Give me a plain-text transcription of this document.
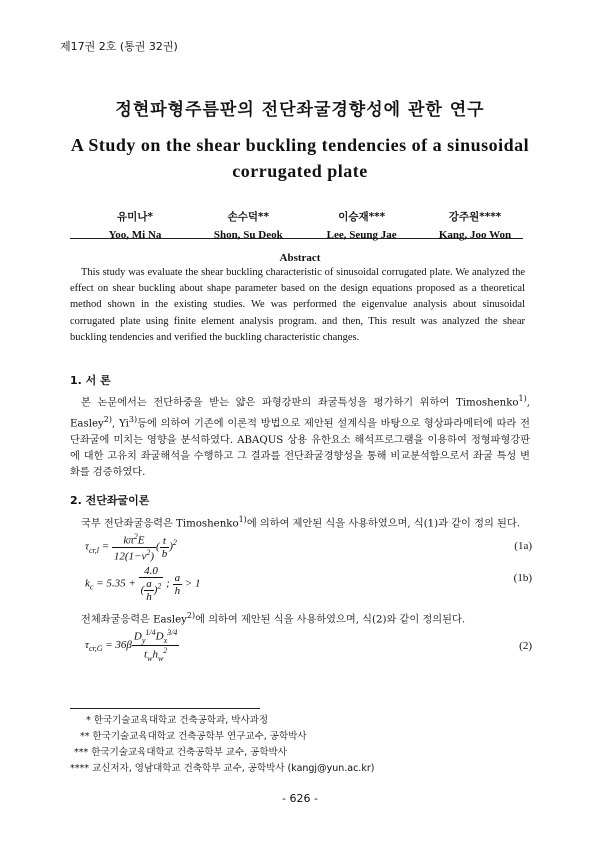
제17권 2호 (통권 32권)
정현파형주름판의 전단좌굴경향성에 관한 연구
A Study on the shear buckling tendencies of a sinusoidal corrugated plate
유미나*
Yoo, Mi Na
손수덕**
Shon, Su Deok
이승재***
Lee, Seung Jae
강주원****
Kang, Joo Won
Abstract
This study was evaluate the shear buckling characteristic of sinusoidal corrugated plate. We analyzed the effect on shear buckling about shape parameter based on the design equations proposed as a theoretical method shown in the existing studies. We was performed the eigenvalue analysis about sinusoidal corrugated plate using finite element analysis program. and then, This result was analyzed the shear buckling tendencies and verified the buckling characteristic changes.
1. 서 론
본 논문에서는 전단하중을 받는 얇은 파형강판의 좌굴특성을 평가하기 위하여 Timoshenko$^{1)}$, Easley$^{2)}$, Yi$^{3)}$등에 의하여 기존에 이론적 방법으로 제안된 설계식을 바탕으로 형상파라메터에 따라 전단좌굴에 미치는 영향을 분석하였다. ABAQUS 상용 유한요소 해석프로그램을 이용하여 정형파형강판에 대한 고유치 좌굴해석을 수행하고 그 결과를 전단좌굴경향성을 통해 비교분석함으로서 좌굴 특성 변화를 검증하였다.
2. 전단좌굴이론
국부 전단좌굴응력은 Timoshenko$^{1)}$에 의하여 제안된 식을 사용하였으며, 식(1)과 같이 정의 된다.
$\tau_{cr,l} = \frac{k\pi^2E}{12(1-\nu^2)}$ ( $\frac{t}{b} )^2$	(1a)
$k_c = 5.35 + \frac{4.0}{( \frac{a}{h} )^2}$ ; $\frac{a}{h} > 1$	(1b)
전체좌굴응력은 Easley$^{2)}$에 의하여 제안된 식을 사용하였으며, 식(2)와 같이 정의된다.
$\tau_{cr,G} = 36\beta \frac{D_y^{1/4}D_x^{3/4}}{t_wh_w^2}$	(2)
* 한국기술교육대학교 건축공학과, 박사과정
** 한국기술교육대학교 건축공학부 연구교수, 공학박사
*** 한국기술교육대학교 건축공학부 교수, 공학박사
**** 교신저자, 영남대학교 건축학부 교수, 공학박사 (kangj@yun.ac.kr)
- 626 -
